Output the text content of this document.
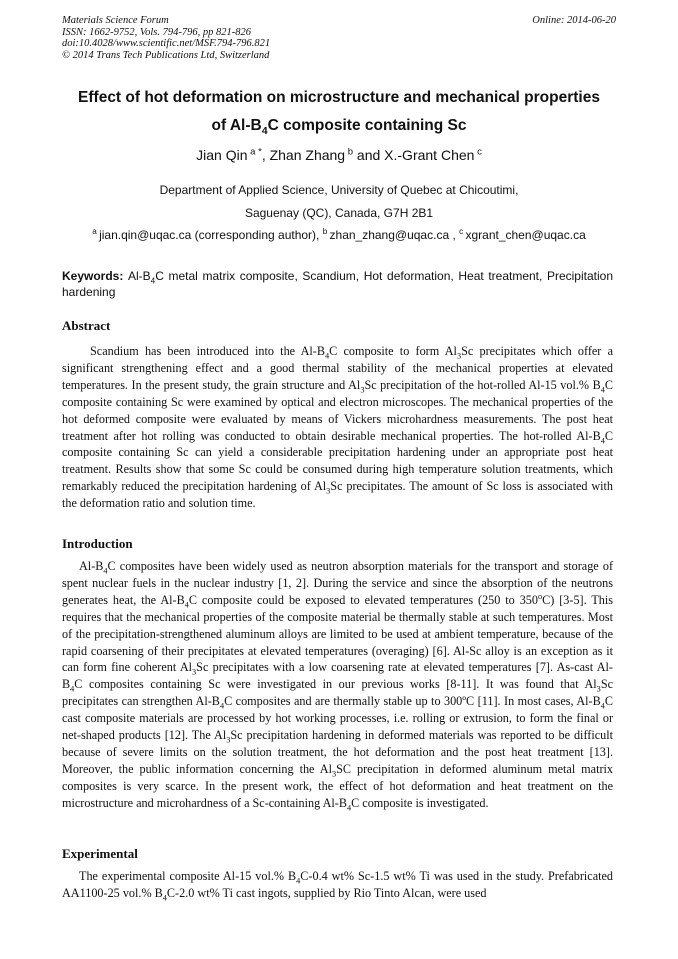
Materials Science Forum
ISSN: 1662-9752, Vols. 794-796, pp 821-826
doi:10.4028/www.scientific.net/MSF.794-796.821
© 2014 Trans Tech Publications Ltd, Switzerland
Online: 2014-06-20
Effect of hot deformation on microstructure and mechanical properties
of $Al-B_4C$ composite containing Sc
Jian Qin $^{a *}$, Zhan Zhang $^b$ and X.-Grant Chen $^c$
Department of Applied Science, University of Quebec at Chicoutimi,
Saguenay (QC), Canada, G7H 2B1
$^a$ jian.qin@uqac.ca (corresponding author), $^b$ zhan_zhang@uqac.ca , $^c$ xgrant_chen@uqac.ca
Keywords: $Al-B_4C$ metal matrix composite, Scandium, Hot deformation, Heat treatment, Precipitation hardening
Abstract
Scandium has been introduced into the $Al-B_4C$ composite to form $Al_3Sc$ precipitates which offer a significant strengthening effect and a good thermal stability of the mechanical properties at elevated temperatures. In the present study, the grain structure and $Al_3Sc$ precipitation of the hot-rolled Al-15 vol.% $B_4C$ composite containing Sc were examined by optical and electron microscopes. The mechanical properties of the hot deformed composite were evaluated by means of Vickers microhardness measurements. The post heat treatment after hot rolling was conducted to obtain desirable mechanical properties. The hot-rolled $Al-B_4C$ composite containing Sc can yield a considerable precipitation hardening under an appropriate post heat treatment. Results show that some Sc could be consumed during high temperature solution treatments, which remarkably reduced the precipitation hardening of $Al_3Sc$ precipitates. The amount of Sc loss is associated with the deformation ratio and solution time.
Introduction
$Al-B_4C$ composites have been widely used as neutron absorption materials for the transport and storage of spent nuclear fuels in the nuclear industry [1, 2]. During the service and since the absorption of the neutrons generates heat, the $Al-B_4C$ composite could be exposed to elevated temperatures (250 to 350$^o$C) [3-5]. This requires that the mechanical properties of the composite material be thermally stable at such temperatures. Most of the precipitation-strengthened aluminum alloys are limited to be used at ambient temperature, because of the rapid coarsening of their precipitates at elevated temperatures (overaging) [6]. Al-Sc alloy is an exception as it can form fine coherent $Al_3Sc$ precipitates with a low coarsening rate at elevated temperatures [7]. As-cast $Al-B_4C$ composites containing Sc were investigated in our previous works [8-11]. It was found that $Al_3Sc$ precipitates can strengthen $Al-B_4C$ composites and are thermally stable up to 300ºC [11]. In most cases, $Al-B_4C$ cast composite materials are processed by hot working processes, i.e. rolling or extrusion, to form the final or net-shaped products [12]. The $Al_3Sc$ precipitation hardening in deformed materials was reported to be difficult because of severe limits on the solution treatment, the hot deformation and the post heat treatment [13]. Moreover, the public information concerning the $Al_3SC$ precipitation in deformed aluminum metal matrix composites is very scarce. In the present work, the effect of hot deformation and heat treatment on the microstructure and microhardness of a Sc-containing $Al-B_4C$ composite is investigated.
Experimental
The experimental composite Al-15 vol.% $B_4C-0.4$ wt% Sc-1.5 wt% Ti was used in the study. Prefabricated AA1100-25 vol.% $B_4C-2.0$ wt% Ti cast ingots, supplied by Rio Tinto Alcan, were used
